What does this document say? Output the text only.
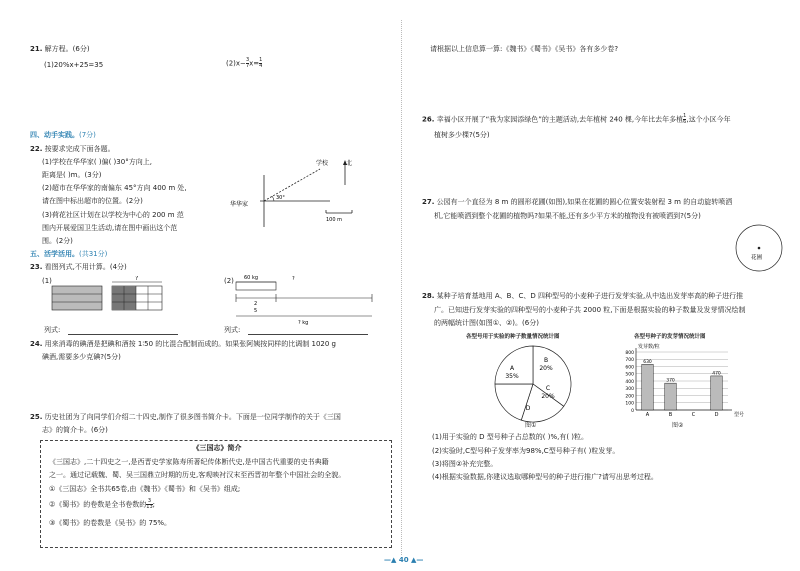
21. 解方程。(6分)
(1)20%x+25=35	$(2)x- \frac{3}{7} x= \frac{1}{4}$
四、动手实践。(7分)
22. 按要求完成下面各题。
(1)学校在华华家( )偏( )30°方向上,
距离是( )m。(3分)
(2)超市在华华家的南偏东 45°方向 400 m 处,
请在图中标出超市的位置。(2分)
(3)荷花社区计划在以学校为中心的 200 m 范
围内开展爱国卫生活动,请在图中画出这个范
围。(2分)
学校	北
30°
华华家
100 m
五、活学活用。(共31分)
23. 看图列式,不用计算。(4分)
(1)	?	(2) 60 kg	?
2
5
? kg
列式:	列式:
24. 用来消毒的碘酒是把碘和酒按 1∶50 的比混合配制而成的。如果张阿姨按同样的比调制 1020 g
碘酒,需要多少克碘?(5分)
25. 历史社团为了向同学们介绍二十四史,制作了很多图书简介卡。下面是一位同学制作的关于《三国
志》的简介卡。(6分)
《三国志》简介
《三国志》,二十四史之一,是西晋史学家陈寿所著纪传体断代史,是中国古代重要的史书典籍
之一。通过记载魏、蜀、吴三国鼎立时期的历史,客观映衬汉末至西晋初年整个中国社会的全貌。
①《三国志》全书共65卷,由《魏书》《蜀书》和《吴书》组成;
②《蜀书》的卷数是全书卷数的 $\frac{3}{13}$ ;
③《蜀书》的卷数是《吴书》的 75%。
请根据以上信息算一算:《魏书》《蜀书》《吴书》各有多少卷?
26. 幸福小区开展了“我为家园添绿色”的主题活动,去年植树 240 棵,今年比去年多植 $\frac{1}{6}$ ,这个小区今年
植树多少棵?(5分)
27. 公园有一个直径为 8 m 的圆形花圃(如图),如果在花圃的圆心位置安装射程 3 m 的自动旋转喷洒
机,它能喷洒到整个花圃的植物吗?如果不能,还有多少平方米的植物没有被喷洒到?(5分)
花圃
28. 某种子培育基地用 A、B、C、D 四种型号的小麦种子进行发芽实验,从中选出发芽率高的种子进行推
广。已知进行发芽实验的四种型号的小麦种子共 2000 粒,下面是根据实验的种子数量及发芽情况绘制
的两幅统计图(如图①、②)。(6分)
各型号用于实验的种子数量情况统计图
A
35%
B
20%
C
20%
D
图①
各型号种子的发芽情况统计图
发芽数/粒
800
700
600
500
400
300
200
100
0
630
A
370
B	C
470
D	型号
图②
(1)用于实验的 D 型号种子占总数的( )%,有( )粒。
(2)实验时,C型号种子发芽率为98%,C型号种子有( )粒发芽。
(3)将图②补充完整。
(4)根据实验数据,你建议选取哪种型号的种子进行推广?请写出思考过程。
—▲ 40 ▲—
